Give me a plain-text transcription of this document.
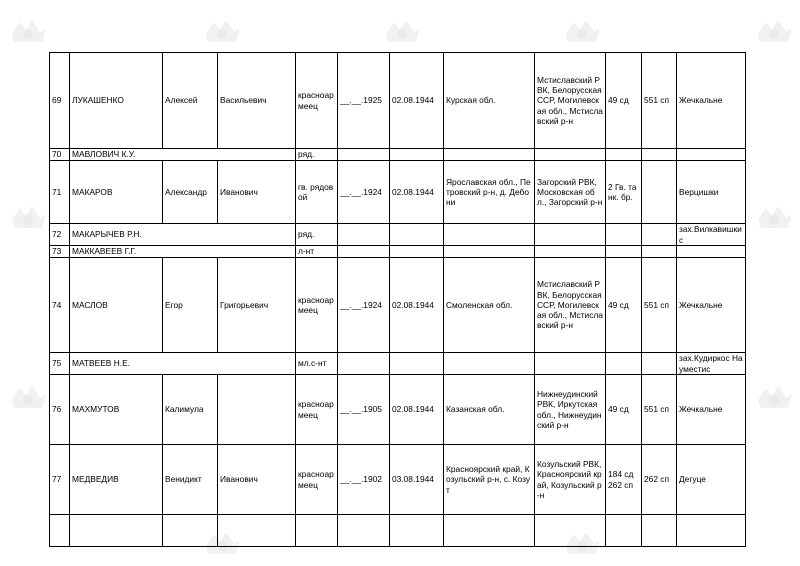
69	ЛУКАШЕНКО	Алексей	Васильевич	красноармеец	__.__.1925	02.08.1944	Курская обл.	Мстиславский РВК, Белорусская ССР, Могилевская обл., Мстиславский р-н	49 сд	551 сп	Жечкальне
70	МАВЛОВИЧ К.У.			ряд.							
71	МАКАРОВ	Александр	Иванович	гв. рядовой	__.__.1924	02.08.1944	Ярославская обл., Петровский р-н, д. Дебони	Загорский РВК, Московская обл., Загорский р-н	2 Гв. танк. бр.		Верцишки
72	МАКАРЫЧЕВ Р.Н.			ряд.							зах.Вилкавишкис
73	МАККАВЕЕВ Г.Г.			л-нт							
74	МАСЛОВ	Егор	Григорьевич	красноармеец	__.__.1924	02.08.1944	Смоленская обл.	Мстиславский РВК, Белорусская ССР, Могилевская обл., Мстиславский р-н	49 сд	551 сп	Жечкальне
75	МАТВЕЕВ Н.Е.			мл.с-нт							зах.Кудиркос Науместис
76	МАХМУТОВ	Калимула		красноармеец	__.__.1905	02.08.1944	Казанская обл.	Нижнеудинский РВК, Иркутская обл., Нижнеудинский р-н	49 сд	551 сп	Жечкальне
77	МЕДВЕДИВ	Венидикт	Иванович	красноармеец	__.__.1902	03.08.1944	Красноярский край, Козульский р-н, с. Козут	Козульский РВК, Красноярский край, Козульский р-н	184 сд 262 сп	262 сп	Дегуце
